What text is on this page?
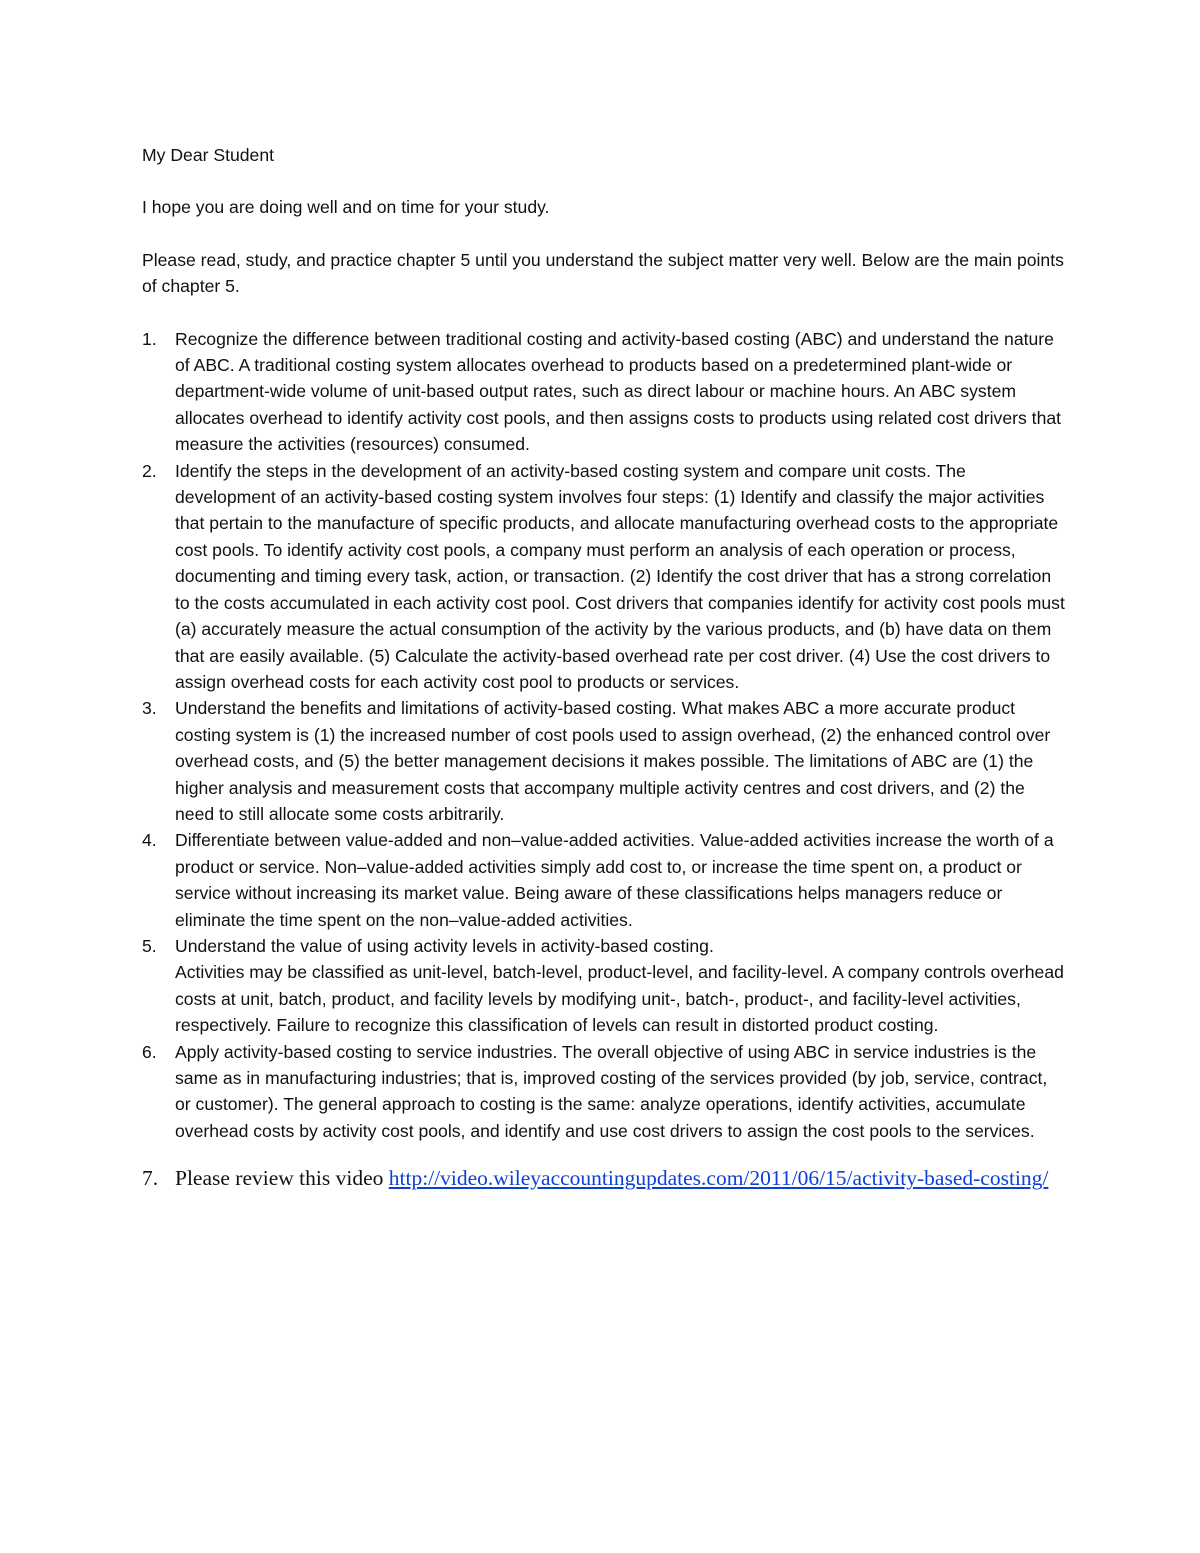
My Dear Student

I hope you are doing well and on time for your study.

Please read, study, and practice chapter 5 until you understand the subject matter very well. Below are the main points of chapter 5.

1. Recognize the difference between traditional costing and activity-based costing (ABC) and understand the nature of ABC. A traditional costing system allocates overhead to products based on a predetermined plant-wide or department-wide volume of unit-based output rates, such as direct labour or machine hours. An ABC system allocates overhead to identify activity cost pools, and then assigns costs to products using related cost drivers that measure the activities (resources) consumed.
2. Identify the steps in the development of an activity-based costing system and compare unit costs. The development of an activity-based costing system involves four steps: (1) Identify and classify the major activities that pertain to the manufacture of specific products, and allocate manufacturing overhead costs to the appropriate cost pools. To identify activity cost pools, a company must perform an analysis of each operation or process, documenting and timing every task, action, or transaction. (2) Identify the cost driver that has a strong correlation to the costs accumulated in each activity cost pool. Cost drivers that companies identify for activity cost pools must (a) accurately measure the actual consumption of the activity by the various products, and (b) have data on them that are easily available. (5) Calculate the activity-based overhead rate per cost driver. (4) Use the cost drivers to assign overhead costs for each activity cost pool to products or services.
3. Understand the benefits and limitations of activity-based costing. What makes ABC a more accurate product costing system is (1) the increased number of cost pools used to assign overhead, (2) the enhanced control over overhead costs, and (5) the better management decisions it makes possible. The limitations of ABC are (1) the higher analysis and measurement costs that accompany multiple activity centres and cost drivers, and (2) the need to still allocate some costs arbitrarily.
4. Differentiate between value-added and non–value-added activities. Value-added activities increase the worth of a product or service. Non–value-added activities simply add cost to, or increase the time spent on, a product or service without increasing its market value. Being aware of these classifications helps managers reduce or eliminate the time spent on the non–value-added activities.
5. Understand the value of using activity levels in activity-based costing.
Activities may be classified as unit-level, batch-level, product-level, and facility-level. A company controls overhead costs at unit, batch, product, and facility levels by modifying unit-, batch-, product-, and facility-level activities, respectively. Failure to recognize this classification of levels can result in distorted product costing.
6. Apply activity-based costing to service industries. The overall objective of using ABC in service industries is the same as in manufacturing industries; that is, improved costing of the services provided (by job, service, contract, or customer). The general approach to costing is the same: analyze operations, identify activities, accumulate overhead costs by activity cost pools, and identify and use cost drivers to assign the cost pools to the services.
7. Please review this video http://video.wileyaccountingupdates.com/2011/06/15/activity-based-costing/
